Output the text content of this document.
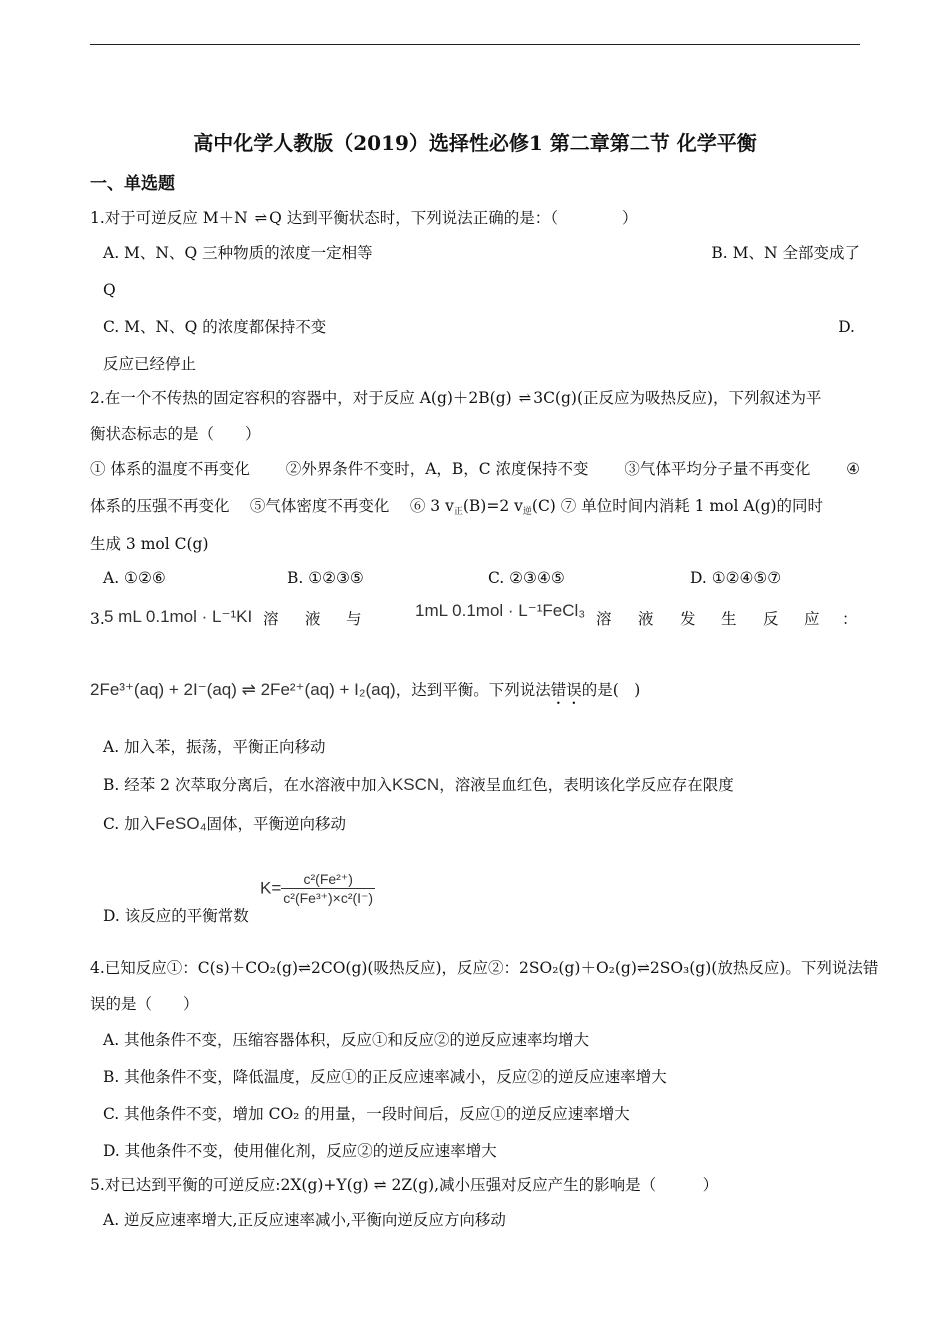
高中化学人教版（2019）选择性必修1 第二章第二节 化学平衡
一、单选题
1.对于可逆反应 M＋N ⇌ Q 达到平衡状态时，下列说法正确的是：（	）
A. M、N、Q 三种物质的浓度一定相等	B. M、N 全部变成了
Q
C. M、N、Q 的浓度都保持不变	D.
反应已经停止
2.在一个不传热的固定容积的容器中，对于反应 A(g)＋2B(g) ⇌ 3C(g)(正反应为吸热反应)，下列叙述为平
衡状态标志的是（　　）
① 体系的温度不再变化 ②外界条件不变时，A，B，C 浓度保持不变 ③气体平均分子量不再变化 ④
体系的压强不再变化　 ⑤气体密度不再变化　 ⑥ 3 $v_正(B)=2$ $v_逆(C)$ ⑦ 单位时间内消耗 1 mol A(g)的同时
生成 3 mol C(g)
A. ①②⑥	B. ①②③⑤	C. ②③④⑤	D. ①②④⑤⑦
3. 5 mL 0.1mol · L⁻¹KI 溶 液 与	1mL 0.1mol · L⁻¹FeCl₃ 溶 液 发 生 反 应 ：
2Fe³⁺(aq) + 2I⁻(aq) ⇌ 2Fe²⁺(aq) + I₂(aq)，达到平衡。下列说法错误的是(　)
A. 加入苯，振荡，平衡正向移动
B. 经苯 2 次萃取分离后，在水溶液中加入KSCN，溶液呈血红色，表明该化学反应存在限度
C. 加入FeSO₄固体，平衡逆向移动
D. 该反应的平衡常数
$K= \frac{\text{c²(Fe²⁺)}}{\text{c²(Fe³⁺)×c²(I⁻)}}$
4.已知反应①：C(s)＋CO₂(g)⇌2CO(g)(吸热反应)，反应②：2SO₂(g)＋O₂(g)⇌2SO₃(g)(放热反应)。下列说法错
误的是（　　）
A. 其他条件不变，压缩容器体积，反应①和反应②的逆反应速率均增大
B. 其他条件不变，降低温度，反应①的正反应速率减小，反应②的逆反应速率增大
C. 其他条件不变，增加 CO₂ 的用量，一段时间后，反应①的逆反应速率增大
D. 其他条件不变，使用催化剂，反应②的逆反应速率增大
5.对已达到平衡的可逆反应:2X(g)+Y(g) ⇌ 2Z(g),减小压强对反应产生的影响是（　　　）
A. 逆反应速率增大,正反应速率减小,平衡向逆反应方向移动
